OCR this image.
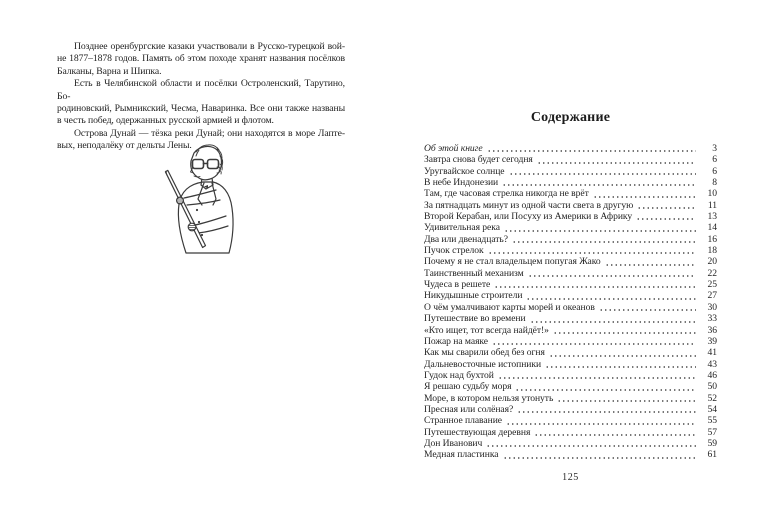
Позднее оренбургские казаки участвовали в Русско-турецкой вой-
не 1877–1878 годов. Память об этом походе хранят названия посёлков
Балканы, Варна и Шипка.
Есть в Челябинской области и посёлки Остроленский, Тарутино, Бо-
родиновский, Рымникский, Чесма, Наваринка. Все они также названы
в честь побед, одержанных русской армией и флотом.
Острова Дунай — тёзка реки Дунай; они находятся в море Лапте-
вых, неподалёку от дельты Лены.
Содержание
Об этой книге	3
Завтра снова будет сегодня	6
Уругвайское солнце	6
В небе Индонезии	8
Там, где часовая стрелка никогда не врёт	10
За пятнадцать минут из одной части света в другую	11
Второй Керабан, или Посуху из Америки в Африку	13
Удивительная река	14
Два или двенадцать?	16
Пучок стрелок	18
Почему я не стал владельцем попугая Жако	20
Таинственный механизм	22
Чудеса в решете	25
Никудышные строители	27
О чём умалчивают карты морей и океанов	30
Путешествие во времени	33
«Кто ищет, тот всегда найдёт!»	36
Пожар на маяке	39
Как мы сварили обед без огня	41
Дальневосточные истопники	43
Гудок над бухтой	46
Я решаю судьбу моря	50
Море, в котором нельзя утонуть	52
Пресная или солёная?	54
Странное плавание	55
Путешествующая деревня	57
Дон Иванович	59
Медная пластинка	61
125
